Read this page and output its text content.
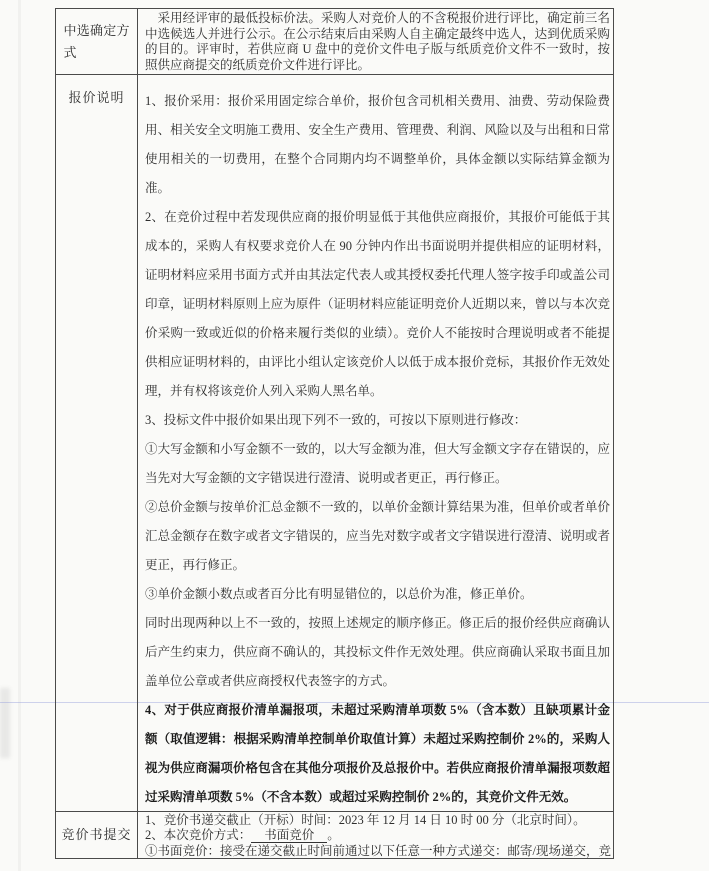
中选确定方式

采用经评审的最低投标价法。采购人对竞价人的不含税报价进行评比，确定前三名中选候选人并进行公示。在公示结束后由采购人自主确定最终中选人，达到优质采购的目的。评审时，若供应商 U 盘中的竞价文件电子版与纸质竞价文件不一致时，按照供应商提交的纸质竞价文件进行评比。

报价说明	1、报价采用：报价采用固定综合单价，报价包含司机相关费用、油费、劳动保险费用、相关安全文明施工费用、安全生产费用、管理费、利润、风险以及与出租和日常使用相关的一切费用，在整个合同期内均不调整单价，具体金额以实际结算金额为准。

2、在竞价过程中若发现供应商的报价明显低于其他供应商报价，其报价可能低于其成本的，采购人有权要求竞价人在 90 分钟内作出书面说明并提供相应的证明材料，证明材料应采用书面方式并由其法定代表人或其授权委托代理人签字按手印或盖公司印章，证明材料原则上应为原件（证明材料应能证明竞价人近期以来，曾以与本次竞价采购一致或近似的价格来履行类似的业绩）。竞价人不能按时合理说明或者不能提供相应证明材料的，由评比小组认定该竞价人以低于成本报价竞标，其报价作无效处理，并有权将该竞价人列入采购人黑名单。

3、投标文件中报价如果出现下列不一致的，可按以下原则进行修改：

①大写金额和小写金额不一致的，以大写金额为准，但大写金额文字存在错误的，应当先对大写金额的文字错误进行澄清、说明或者更正，再行修正。

②总价金额与按单价汇总金额不一致的，以单价金额计算结果为准，但单价或者单价汇总金额存在数字或者文字错误的，应当先对数字或者文字错误进行澄清、说明或者更正，再行修正。

③单价金额小数点或者百分比有明显错位的，以总价为准，修正单价。

同时出现两种以上不一致的，按照上述规定的顺序修正。修正后的报价经供应商确认后产生约束力，供应商不确认的，其投标文件作无效处理。供应商确认采取书面且加盖单位公章或者供应商授权代表签字的方式。

4、对于供应商报价清单漏报项，未超过采购清单项数 5%（含本数）且缺项累计金额（取值逻辑：根据采购清单控制单价取值计算）未超过采购控制价 2%的，采购人视为供应商漏项价格包含在其他分项报价及总报价中。若供应商报价清单漏报项数超过采购清单项数 5%（不含本数）或超过采购控制价 2%的，其竞价文件无效。

竞价书提交

1、竞价书递交截止（开标）时间：2023 年 12 月 14 日 10 时 00 分（北京时间）。

2、本次竞价方式： 书面竞价 。

①书面竞价：接受在递交截止时间前通过以下任意一种方式递交：邮寄/现场递交，竞
